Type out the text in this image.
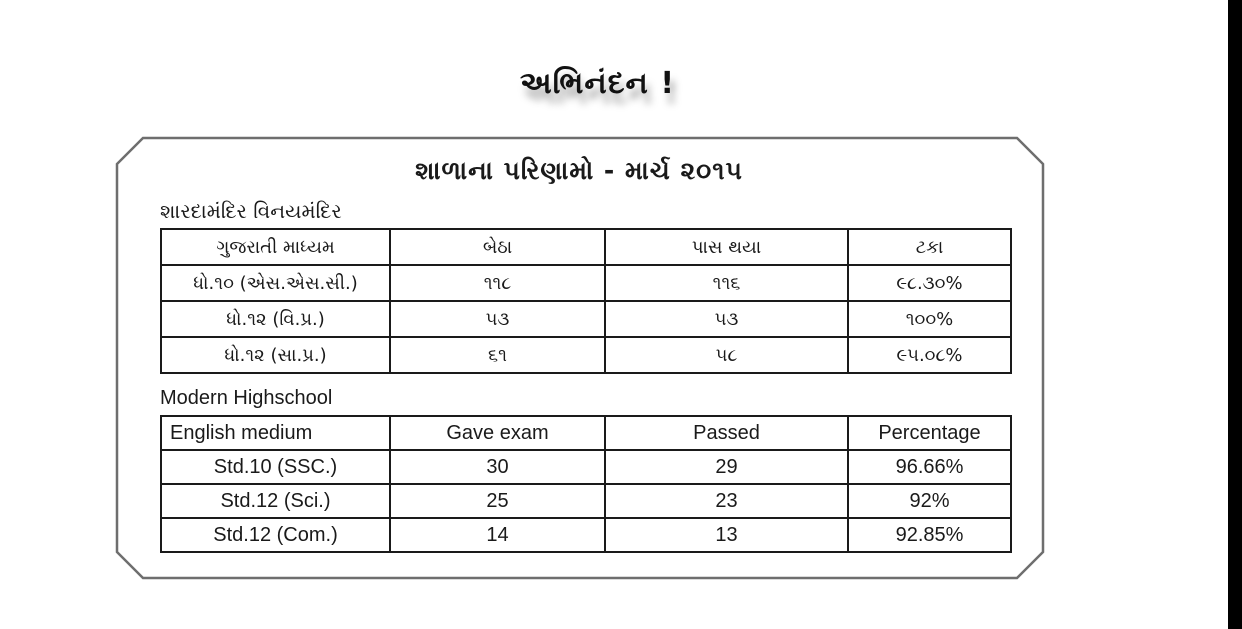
અભિનંદન !
શાળાના પરિણામો - માર્ચ ૨૦૧૫
શારદામંદિર વિનયમંદિર
ગુજરાતી માધ્યમ	બેઠા	પાસ થયા	ટકા
ધો.૧૦ (એસ.એસ.સી.)	૧૧૮	૧૧૬	૯૮.૩૦%
ધો.૧૨ (વિ.પ્ર.)	૫૩	૫૩	૧૦૦%
ધો.૧૨ (સા.પ્ર.)	૬૧	૫૮	૯૫.૦૮%
Modern Highschool
English medium	Gave exam	Passed	Percentage
Std.10 (SSC.)	30	29	96.66%
Std.12 (Sci.)	25	23	92%
Std.12 (Com.)	14	13	92.85%
